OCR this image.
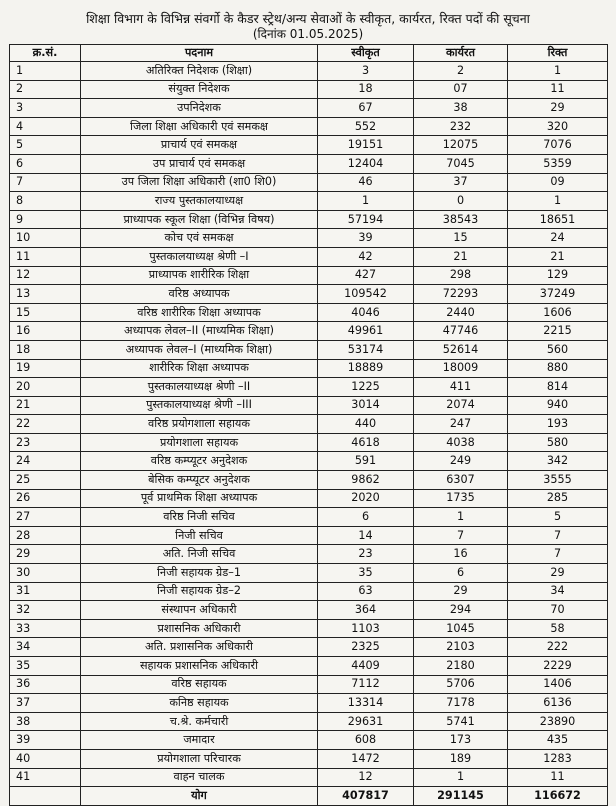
शिक्षा विभाग के विभिन्न संवर्गो के कैडर स्ट्रेथ/अन्य सेवाओं के स्वीकृत, कार्यरत, रिक्त पदों की सूचना

(दिनांक 01.05.2025)

क्र.सं.	पदनाम	स्वीकृत	कार्यरत	रिक्त
1	अतिरिक्त निदेशक (शिक्षा)	3	2	1
2	संयुक्त निदेशक	18	07	11
3	उपनिदेशक	67	38	29
4	जिला शिक्षा अधिकारी एवं समकक्ष	552	232	320
5	प्राचार्य एवं समकक्ष	19151	12075	7076
6	उप प्राचार्य एवं समकक्ष	12404	7045	5359
7	उप जिला शिक्षा अधिकारी (शा0 शि0)	46	37	09
8	राज्य पुस्तकालयाध्यक्ष	1	0	1
9	प्राध्यापक स्कूल शिक्षा (विभिन्न विषय)	57194	38543	18651
10	कोच एवं समकक्ष	39	15	24
11	पुस्तकालयाध्यक्ष श्रेणी –I	42	21	21
12	प्राध्यापक शारीरिक शिक्षा	427	298	129
13	वरिष्ठ अध्यापक	109542	72293	37249
15	वरिष्ठ शारीरिक शिक्षा अध्यापक	4046	2440	1606
16	अध्यापक लेवल–II (माध्यमिक शिक्षा)	49961	47746	2215
18	अध्यापक लेवल–I (माध्यमिक शिक्षा)	53174	52614	560
19	शारीरिक शिक्षा अध्यापक	18889	18009	880
20	पुस्तकालयाध्यक्ष श्रेणी –II	1225	411	814
21	पुस्तकालयाध्यक्ष श्रेणी –III	3014	2074	940
22	वरिष्ठ प्रयोगशाला सहायक	440	247	193
23	प्रयोगशाला सहायक	4618	4038	580
24	वरिष्ठ कम्प्यूटर अनुदेशक	591	249	342
25	बेसिक कम्प्यूटर अनुदेशक	9862	6307	3555
26	पूर्व प्राथमिक शिक्षा अध्यापक	2020	1735	285
27	वरिष्ठ निजी सचिव	6	1	5
28	निजी सचिव	14	7	7
29	अति. निजी सचिव	23	16	7
30	निजी सहायक ग्रेड–1	35	6	29
31	निजी सहायक ग्रेड–2	63	29	34
32	संस्थापन अधिकारी	364	294	70
33	प्रशासनिक अधिकारी	1103	1045	58
34	अति. प्रशासनिक अधिकारी	2325	2103	222
35	सहायक प्रशासनिक अधिकारी	4409	2180	2229
36	वरिष्ठ सहायक	7112	5706	1406
37	कनिष्ठ सहायक	13314	7178	6136
38	च.श्रे. कर्मचारी	29631	5741	23890
39	जमादार	608	173	435
40	प्रयोगशाला परिचारक	1472	189	1283
41	वाहन चालक	12	1	11
	योग	407817	291145	116672
